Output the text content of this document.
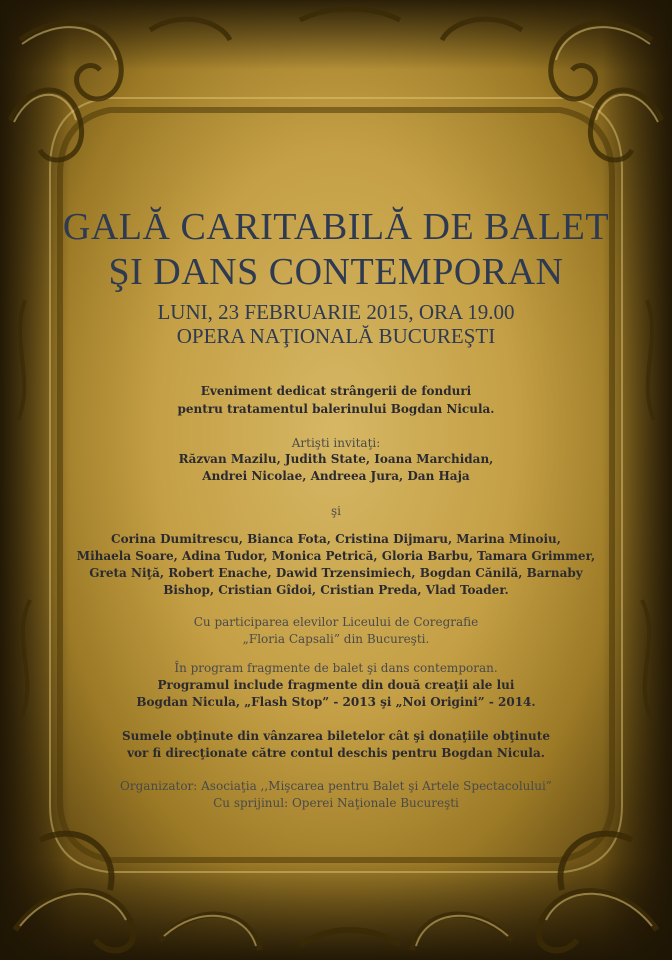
GALĂ CARITABILĂ DE BALET
ŞI DANS CONTEMPORAN
LUNI, 23 FEBRUARIE 2015, ORA 19.00
OPERA NAŢIONALĂ BUCUREŞTI
Eveniment dedicat strângerii de fonduri
pentru tratamentul balerinului Bogdan Nicula.
Artişti invitaţi:
Răzvan Mazilu, Judith State, Ioana Marchidan,
Andrei Nicolae, Andreea Jura, Dan Haja
şi
Corina Dumitrescu, Bianca Fota, Cristina Dijmaru, Marina Minoiu,
Mihaela Soare, Adina Tudor, Monica Petrică, Gloria Barbu, Tamara Grimmer,
Greta Niţă, Robert Enache, Dawid Trzensimiech, Bogdan Cănilă, Barnaby
Bishop, Cristian Gîdoi, Cristian Preda, Vlad Toader.
Cu participarea elevilor Liceului de Coregrafie
„Floria Capsali” din Bucureşti.
În program fragmente de balet şi dans contemporan.
Programul include fragmente din două creaţii ale lui
Bogdan Nicula, „Flash Stop” - 2013 şi „Noi Origini” - 2014.
Sumele obţinute din vânzarea biletelor cât şi donaţiile obţinute
vor fi direcţionate către contul deschis pentru Bogdan Nicula.
Organizator: Asociaţia ,,Mişcarea pentru Balet şi Artele Spectacolului”
Cu sprijinul: Operei Naţionale Bucureşti
